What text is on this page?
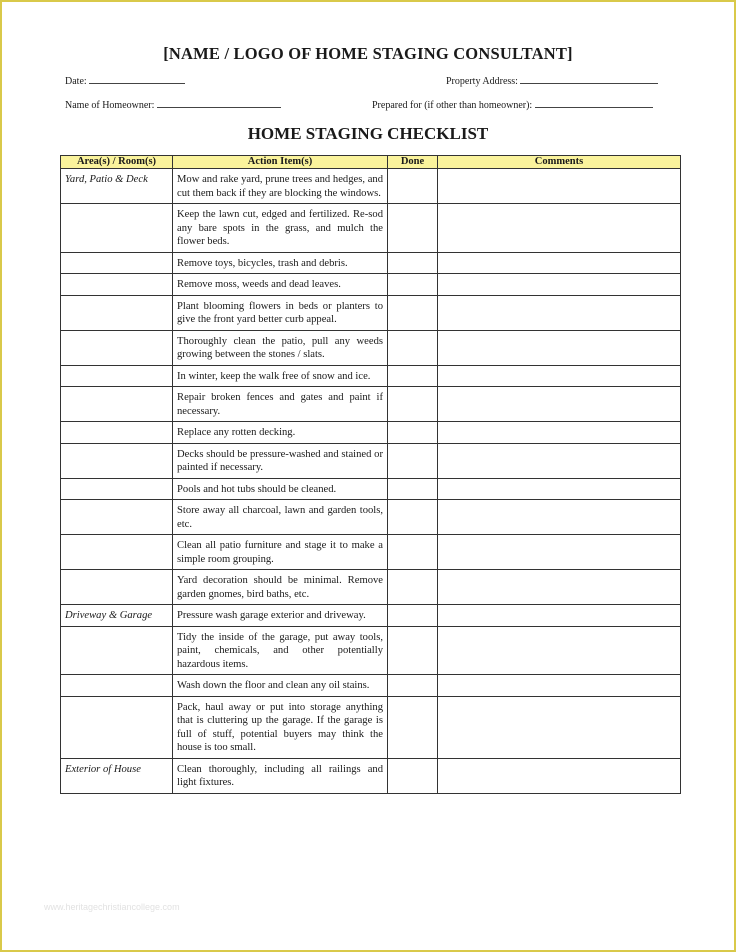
[NAME / LOGO OF HOME STAGING CONSULTANT]
Date:	Property Address:
Name of Homeowner:	Prepared for (if other than homeowner):
HOME STAGING CHECKLIST
Area(s) / Room(s)	Action Item(s)	Done	Comments
Yard, Patio & Deck	Mow and rake yard, prune trees and hedges, and cut them back if they are blocking the windows.		
	Keep the lawn cut, edged and fertilized. Re-sod any bare spots in the grass, and mulch the flower beds.		
	Remove toys, bicycles, trash and debris.		
	Remove moss, weeds and dead leaves.		
	Plant blooming flowers in beds or planters to give the front yard better curb appeal.		
	Thoroughly clean the patio, pull any weeds growing between the stones / slats.		
	In winter, keep the walk free of snow and ice.		
	Repair broken fences and gates and paint if necessary.		
	Replace any rotten decking.		
	Decks should be pressure-washed and stained or painted if necessary.		
	Pools and hot tubs should be cleaned.		
	Store away all charcoal, lawn and garden tools, etc.		
	Clean all patio furniture and stage it to make a simple room grouping.		
	Yard decoration should be minimal. Remove garden gnomes, bird baths, etc.		
Driveway & Garage	Pressure wash garage exterior and driveway.		
	Tidy the inside of the garage, put away tools, paint, chemicals, and other potentially hazardous items.		
	Wash down the floor and clean any oil stains.		
	Pack, haul away or put into storage anything that is cluttering up the garage. If the garage is full of stuff, potential buyers may think the house is too small.		
Exterior of House	Clean thoroughly, including all railings and light fixtures.		
www.heritagechristiancollege.com
